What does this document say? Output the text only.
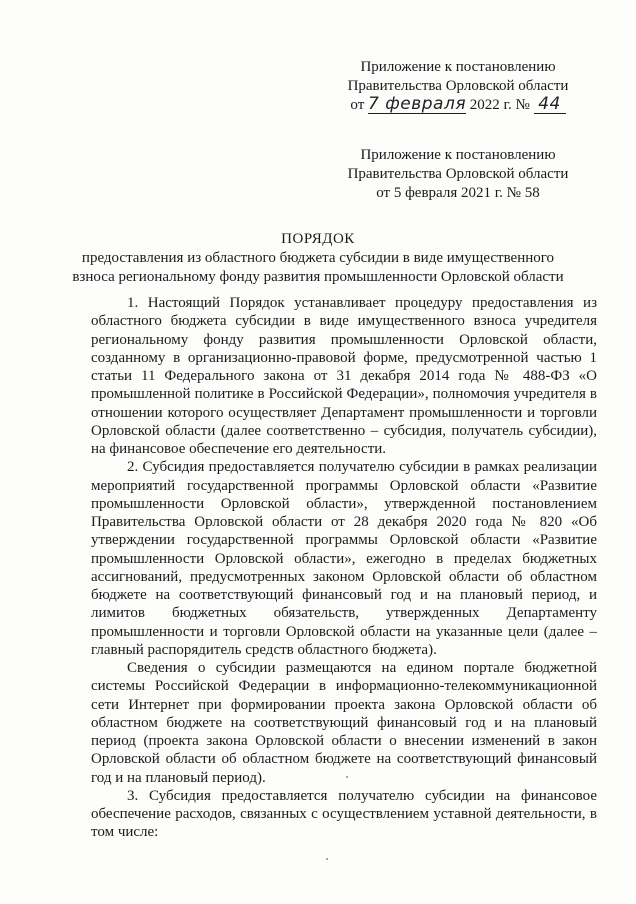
Приложение к постановлению
Правительства Орловской области
от 7 февраля 2022 г. № 44
Приложение к постановлению
Правительства Орловской области
от 5 февраля 2021 г. № 58
ПОРЯДОК
предоставления из областного бюджета субсидии в виде имущественного
взноса региональному фонду развития промышленности Орловской области

1. Настоящий Порядок устанавливает процедуру предоставления из областного бюджета субсидии в виде имущественного взноса учредителя региональному фонду развития промышленности Орловской области, созданному в организационно-правовой форме, предусмотренной частью 1 статьи 11 Федерального закона от 31 декабря 2014 года № 488-ФЗ «О промышленной политике в Российской Федерации», полномочия учредителя в отношении которого осуществляет Департамент промышленности и торговли Орловской области (далее соответственно – субсидия, получатель субсидии), на финансовое обеспечение его деятельности.

2. Субсидия предоставляется получателю субсидии в рамках реализации мероприятий государственной программы Орловской области «Развитие промышленности Орловской области», утвержденной постановлением Правительства Орловской области от 28 декабря 2020 года № 820 «Об утверждении государственной программы Орловской области «Развитие промышленности Орловской области», ежегодно в пределах бюджетных ассигнований, предусмотренных законом Орловской области об областном бюджете на соответствующий финансовый год и на плановый период, и лимитов бюджетных обязательств, утвержденных Департаменту промышленности и торговли Орловской области на указанные цели (далее – главный распорядитель средств областного бюджета).

Сведения о субсидии размещаются на едином портале бюджетной системы Российской Федерации в информационно-телекоммуникационной сети Интернет при формировании проекта закона Орловской области об областном бюджете на соответствующий финансовый год и на плановый период (проекта закона Орловской области о внесении изменений в закон Орловской области об областном бюджете на соответствующий финансовый год и на плановый период).

3. Субсидия предоставляется получателю субсидии на финансовое обеспечение расходов, связанных с осуществлением уставной деятельности, в том числе:
